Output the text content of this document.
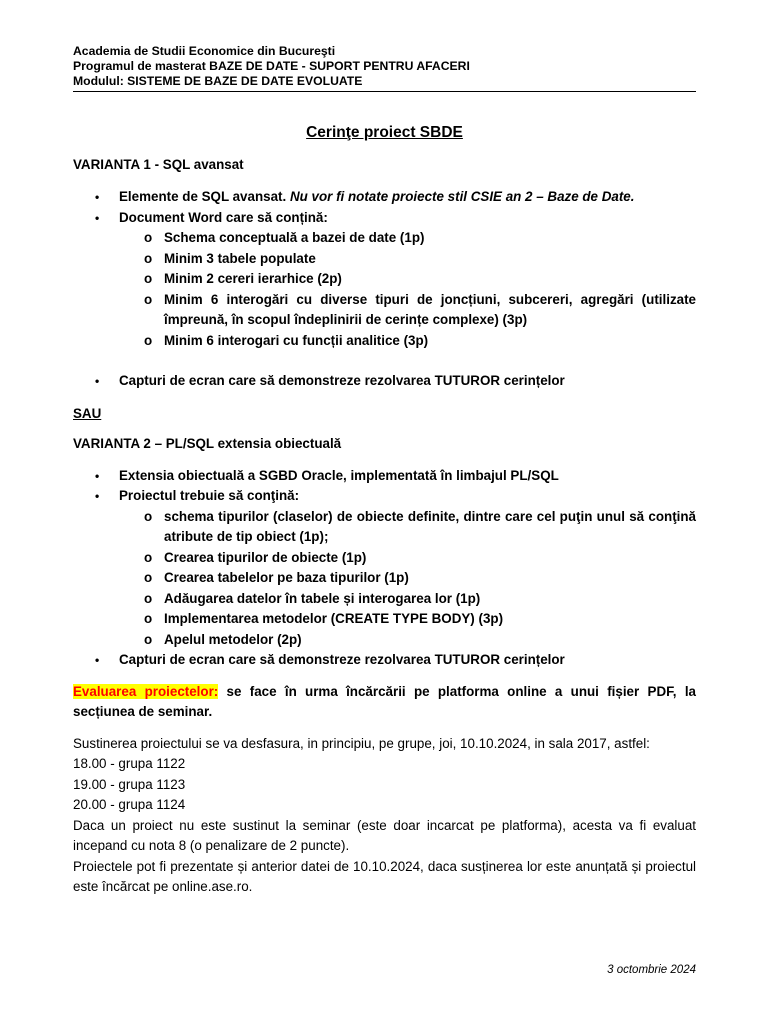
Academia de Studii Economice din Bucureşti
Programul de masterat BAZE DE DATE - SUPORT PENTRU AFACERI
Modulul: SISTEME DE BAZE DE DATE EVOLUATE
Cerinţe proiect SBDE

VARIANTA 1 - SQL avansat

• Elemente de SQL avansat. Nu vor fi notate proiecte stil CSIE an 2 – Baze de Date.
• Document Word care să conțină:
o Schema conceptuală a bazei de date (1p)
o Minim 3 tabele populate
o Minim 2 cereri ierarhice (2p)
o Minim 6 interogări cu diverse tipuri de joncțiuni, subcereri, agregări (utilizate împreună, în scopul îndeplinirii de cerințe complexe) (3p)
o Minim 6 interogari cu funcții analitice (3p)
• Capturi de ecran care să demonstreze rezolvarea TUTUROR cerințelor

SAU

VARIANTA 2 – PL/SQL extensia obiectuală

• Extensia obiectuală a SGBD Oracle, implementată în limbajul PL/SQL
• Proiectul trebuie să conţină:
o schema tipurilor (claselor) de obiecte definite, dintre care cel puţin unul să conţină atribute de tip obiect (1p);
o Crearea tipurilor de obiecte (1p)
o Crearea tabelelor pe baza tipurilor (1p)
o Adăugarea datelor în tabele și interogarea lor (1p)
o Implementarea metodelor (CREATE TYPE BODY) (3p)
o Apelul metodelor (2p)
• Capturi de ecran care să demonstreze rezolvarea TUTUROR cerințelor

Evaluarea proiectelor: se face în urma încărcării pe platforma online a unui fișier PDF, la secțiunea de seminar.

Sustinerea proiectului se va desfasura, in principiu, pe grupe, joi, 10.10.2024, in sala 2017, astfel:

18.00 - grupa 1122

19.00 - grupa 1123

20.00 - grupa 1124

Daca un proiect nu este sustinut la seminar (este doar incarcat pe platforma), acesta va fi evaluat incepand cu nota 8 (o penalizare de 2 puncte).

Proiectele pot fi prezentate și anterior datei de 10.10.2024, daca susținerea lor este anunțată și proiectul este încărcat pe online.ase.ro.

3 octombrie 2024
